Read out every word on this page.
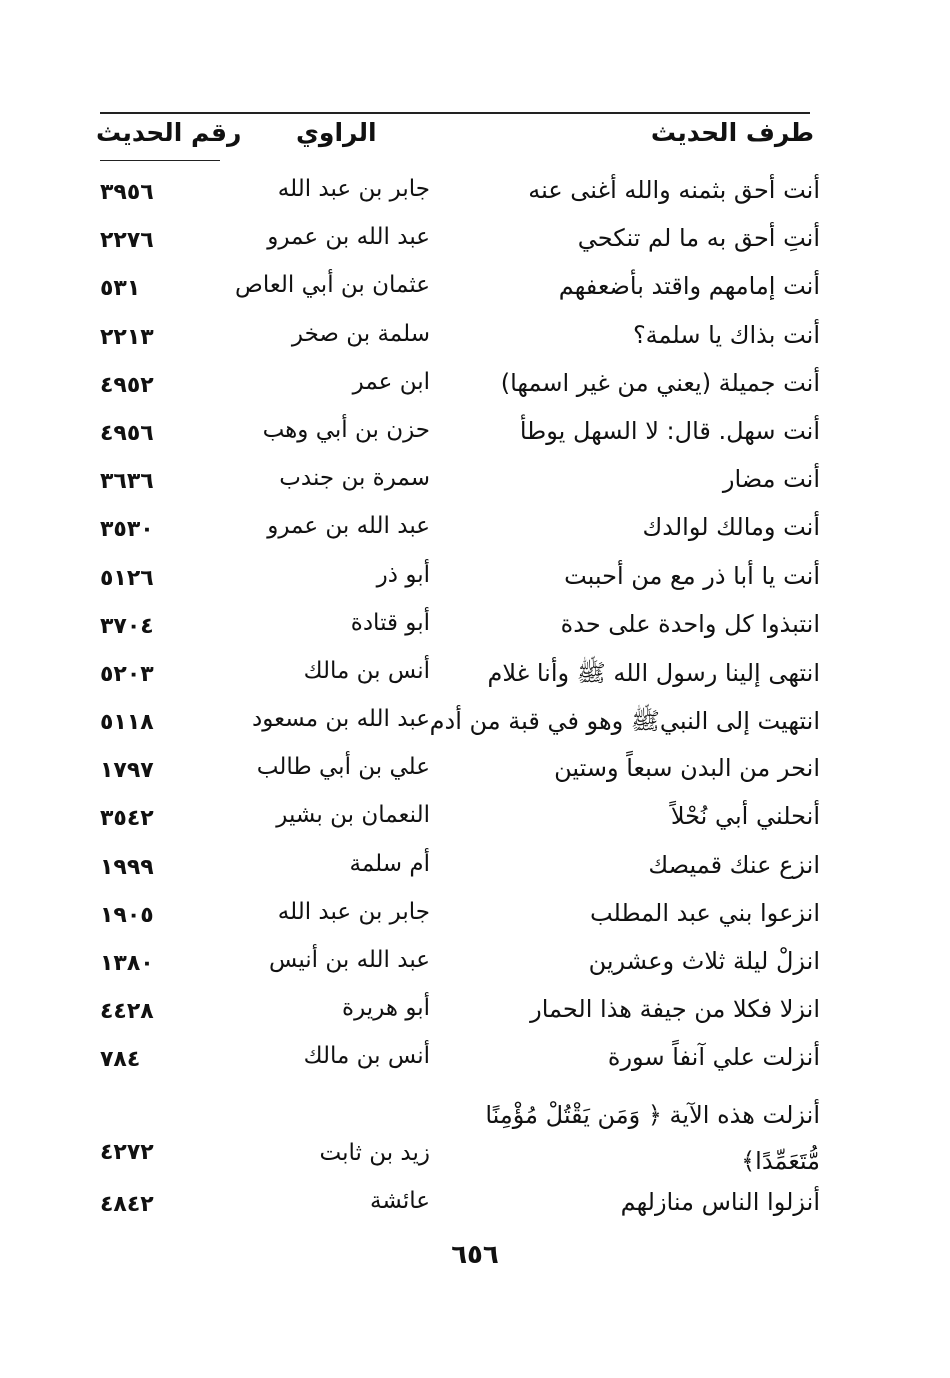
طرف الحديث
الراوي
رقم الحديث
أنت أحق بثمنه والله أغنى عنه
جابر بن عبد الله
٣٩٥٦
أنتِ أحق به ما لم تنكحي
عبد الله بن عمرو
٢٢٧٦
أنت إمامهم واقتد بأضعفهم
عثمان بن أبي العاص
٥٣١
أنت بذاك يا سلمة؟
سلمة بن صخر
٢٢١٣
أنت جميلة (يعني من غير اسمها)
ابن عمر
٤٩٥٢
أنت سهل. قال: لا السهل يوطأ
حزن بن أبي وهب
٤٩٥٦
أنت مضار
سمرة بن جندب
٣٦٣٦
أنت ومالك لوالدك
عبد الله بن عمرو
٣٥٣٠
أنت يا أبا ذر مع من أحببت
أبو ذر
٥١٢٦
انتبذوا كل واحدة على حدة
أبو قتادة
٣٧٠٤
انتهى إلينا رسول الله ﷺ وأنا غلام
أنس بن مالك
٥٢٠٣
انتهيت إلى النبيﷺ وهو في قبة من أدم
عبد الله بن مسعود
٥١١٨
انحر من البدن سبعاً وستين
علي بن أبي طالب
١٧٩٧
أنحلني أبي نُحْلاً
النعمان بن بشير
٣٥٤٢
انزع عنك قميصك
أم سلمة
١٩٩٩
انزعوا بني عبد المطلب
جابر بن عبد الله
١٩٠٥
انزلْ ليلة ثلاث وعشرين
عبد الله بن أنيس
١٣٨٠
انزلا فكلا من جيفة هذا الحمار
أبو هريرة
٤٤٢٨
أنزلت علي آنفاً سورة
أنس بن مالك
٧٨٤
أنزلت هذه الآية ﴿ وَمَن يَقْتُلْ مُؤْمِنًا مُّتَعَمِّدًا﴾
زيد بن ثابت
٤٢٧٢
أنزلوا الناس منازلهم
عائشة
٤٨٤٢
٦٥٦
